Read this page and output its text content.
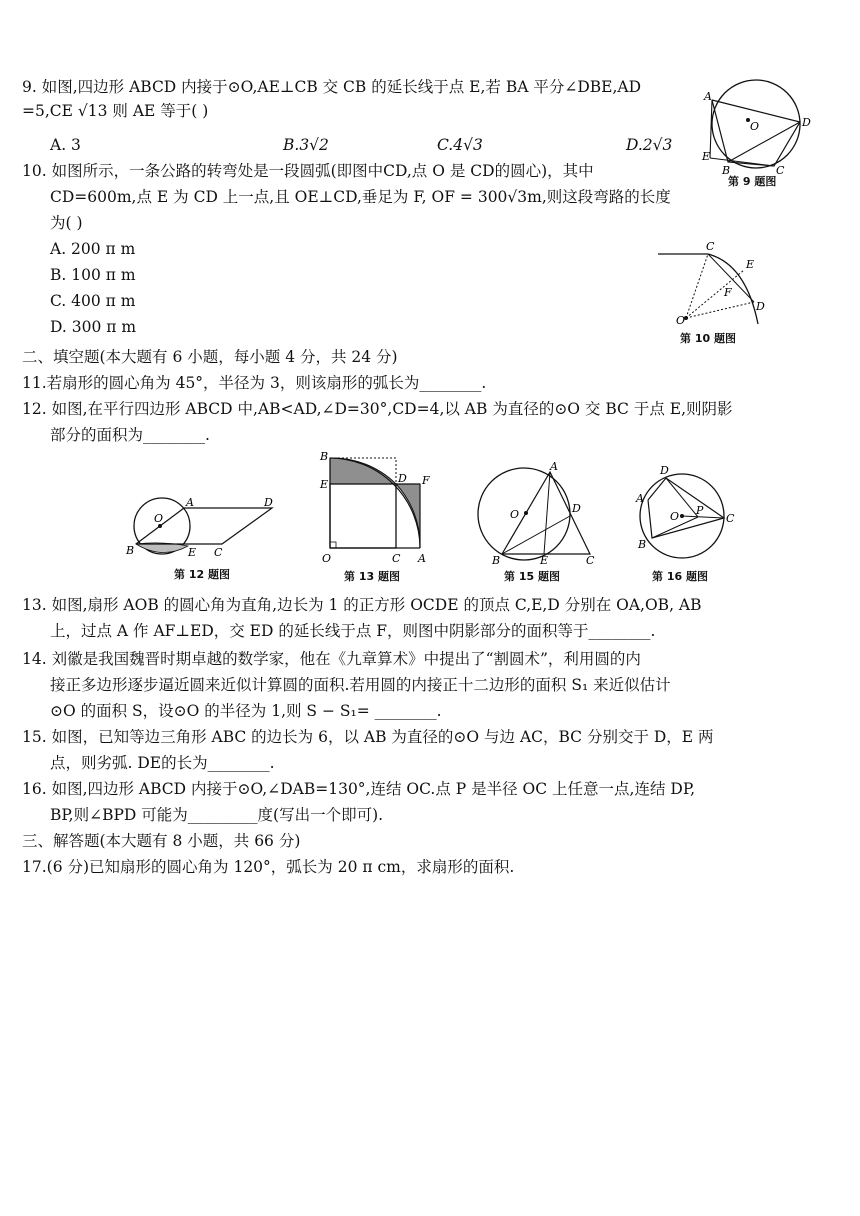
9. 如图,四边形 ABCD 内接于⊙O,AE⊥CB 交 CB 的延长线于点 E,若 BA 平分∠DBE,AD
=5,CE √13 则 AE 等于( )
A. 3	B.3√2	C.4√3	D.2√3
A
D
O
E
B	C
第 9 题图
10. 如图所示，一条公路的转弯处是一段圆弧(即图中CD,点 O 是 CD的圆心)，其中
CD=600m,点 E 为 CD 上一点,且 OE⊥CD,垂足为 F, OF = 300√3m,则这段弯路的长度
为( )
A. 200 π m
B. 100 π m
C. 400 π m
D. 300 π m
C
E
F
D
O
第 10 题图
二、填空题(本大题有 6 小题，每小题 4 分，共 24 分)
11.若扇形的圆心角为 45°，半径为 3，则该扇形的弧长为________.
12. 如图,在平行四边形 ABCD 中,AB<AD,∠D=30°,CD=4,以 AB 为直径的⊙O 交 BC 于点 E,则阴影
部分的面积为________.
A	D
O
B	E C
第 12 题图
B
E	D F
O	C A
第 13 题图
A
O	D
B	E	C
第 15 题图
D
A
O P
C
B
第 16 题图
13. 如图,扇形 AOB 的圆心角为直角,边长为 1 的正方形 OCDE 的顶点 C,E,D 分别在 OA,OB, AB
上，过点 A 作 AF⊥ED，交 ED 的延长线于点 F，则图中阴影部分的面积等于________.
14. 刘徽是我国魏晋时期卓越的数学家，他在《九章算术》中提出了“割圆术”，利用圆的内
接正多边形逐步逼近圆来近似计算圆的面积.若用圆的内接正十二边形的面积 S₁ 来近似估计
⊙O 的面积 S，设⊙O 的半径为 1,则 S − S₁= ________.
15. 如图，已知等边三角形 ABC 的边长为 6，以 AB 为直径的⊙O 与边 AC，BC 分别交于 D，E 两
点，则劣弧. DE的长为________.
16. 如图,四边形 ABCD 内接于⊙O,∠DAB=130°,连结 OC.点 P 是半径 OC 上任意一点,连结 DP,
BP,则∠BPD 可能为_________度(写出一个即可).
三、解答题(本大题有 8 小题，共 66 分)
17.(6 分)已知扇形的圆心角为 120°，弧长为 20 π cm，求扇形的面积.
